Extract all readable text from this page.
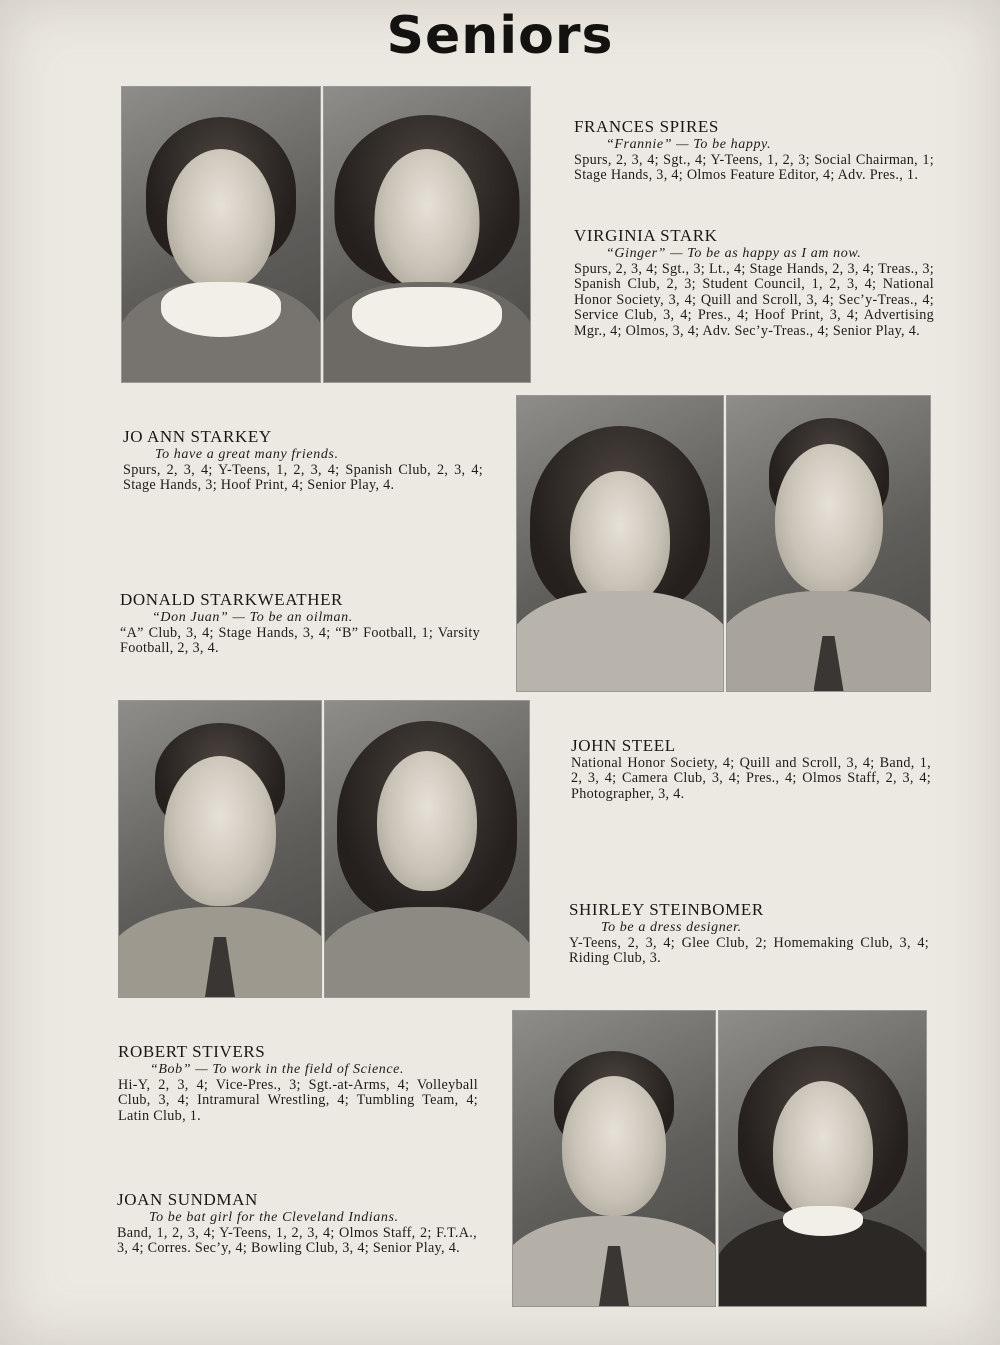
Seniors
FRANCES SPIRES
“Frannie” — To be happy.
Spurs, 2, 3, 4; Sgt., 4; Y-Teens, 1, 2, 3; Social Chairman, 1; Stage Hands, 3, 4; Olmos Feature Editor, 4; Adv. Pres., 1.
VIRGINIA STARK
“Ginger” — To be as happy as I am now.
Spurs, 2, 3, 4; Sgt., 3; Lt., 4; Stage Hands, 2, 3, 4; Treas., 3; Spanish Club, 2, 3; Student Council, 1, 2, 3, 4; National Honor Society, 3, 4; Quill and Scroll, 3, 4; Sec’y-Treas., 4; Service Club, 3, 4; Pres., 4; Hoof Print, 3, 4; Advertising Mgr., 4; Olmos, 3, 4; Adv. Sec’y-Treas., 4; Senior Play, 4.
JO ANN STARKEY
To have a great many friends.
Spurs, 2, 3, 4; Y-Teens, 1, 2, 3, 4; Spanish Club, 2, 3, 4; Stage Hands, 3; Hoof Print, 4; Senior Play, 4.
DONALD STARKWEATHER
“Don Juan” — To be an oilman.
“A” Club, 3, 4; Stage Hands, 3, 4; “B” Football, 1; Varsity Football, 2, 3, 4.
JOHN STEEL
National Honor Society, 4; Quill and Scroll, 3, 4; Band, 1, 2, 3, 4; Camera Club, 3, 4; Pres., 4; Olmos Staff, 2, 3, 4; Photographer, 3, 4.
SHIRLEY STEINBOMER
To be a dress designer.
Y-Teens, 2, 3, 4; Glee Club, 2; Homemaking Club, 3, 4; Riding Club, 3.
ROBERT STIVERS
“Bob” — To work in the field of Science.
Hi-Y, 2, 3, 4; Vice-Pres., 3; Sgt.-at-Arms, 4; Volleyball Club, 3, 4; Intramural Wrestling, 4; Tumbling Team, 4; Latin Club, 1.
JOAN SUNDMAN
To be bat girl for the Cleveland Indians.
Band, 1, 2, 3, 4; Y-Teens, 1, 2, 3, 4; Olmos Staff, 2; F.T.A., 3, 4; Corres. Sec’y, 4; Bowling Club, 3, 4; Senior Play, 4.
